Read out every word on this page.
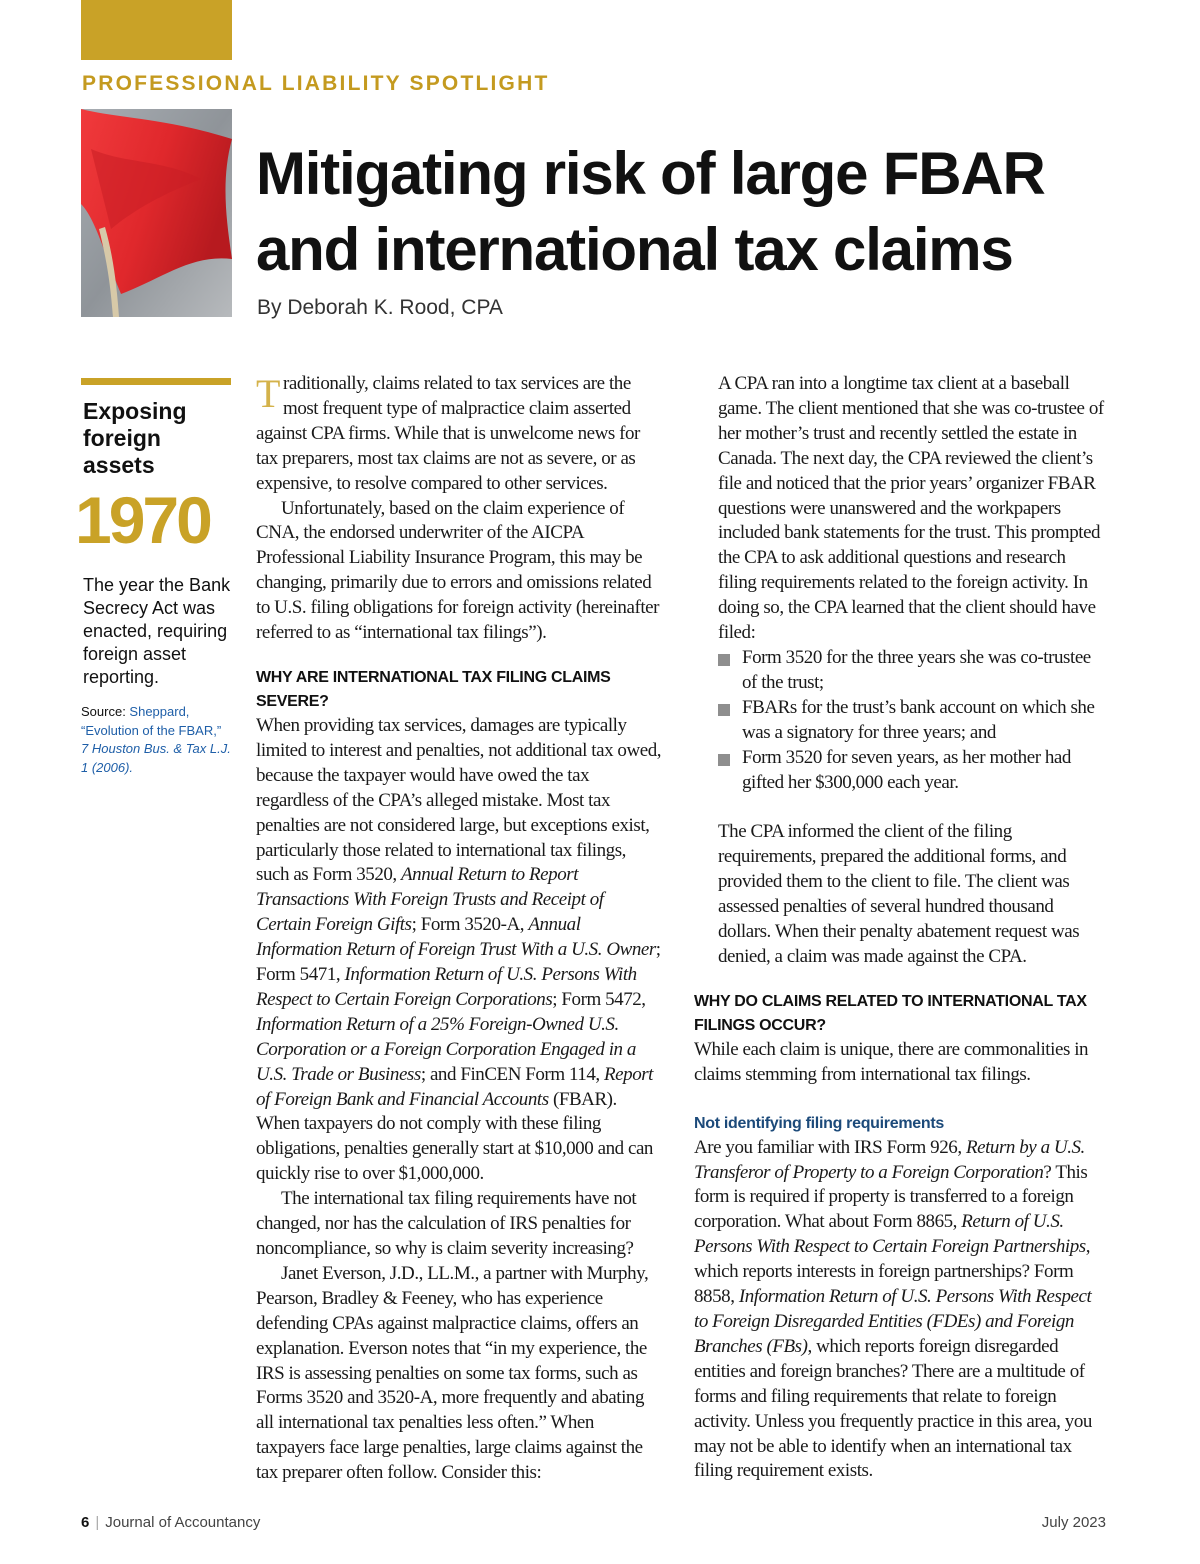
PROFESSIONAL LIABILITY SPOTLIGHT
Mitigating risk of large FBAR and international tax claims
By Deborah K. Rood, CPA
Exposing foreign assets
1970
The year the Bank Secrecy Act was enacted, requiring foreign asset reporting.
Source: Sheppard, “Evolution of the FBAR,” 7 Houston Bus. & Tax L.J. 1 (2006).

Traditionally, claims related to tax services are the most frequent type of malpractice claim asserted against CPA firms. While that is unwelcome news for tax preparers, most tax claims are not as severe, or as expensive, to resolve compared to other services.

Unfortunately, based on the claim experience of CNA, the endorsed underwriter of the AICPA Professional Liability Insurance Program, this may be changing, primarily due to errors and omissions related to U.S. filing obligations for foreign activity (hereinafter referred to as “international tax filings”).

WHY ARE INTERNATIONAL TAX FILING CLAIMS SEVERE?

When providing tax services, damages are typically limited to interest and penalties, not additional tax owed, because the taxpayer would have owed the tax regardless of the CPA’s alleged mistake. Most tax penalties are not considered large, but exceptions exist, particularly those related to international tax filings, such as Form 3520, Annual Return to Report Transactions With Foreign Trusts and Receipt of Certain Foreign Gifts; Form 3520-A, Annual Information Return of Foreign Trust With a U.S. Owner; Form 5471, Information Return of U.S. Persons With Respect to Certain Foreign Corporations; Form 5472, Information Return of a 25% Foreign-Owned U.S. Corporation or a Foreign Corporation Engaged in a U.S. Trade or Business; and FinCEN Form 114, Report of Foreign Bank and Financial Accounts (FBAR). When taxpayers do not comply with these filing obligations, penalties generally start at $10,000 and can quickly rise to over $1,000,000.

The international tax filing requirements have not changed, nor has the calculation of IRS penalties for noncompliance, so why is claim severity increasing?

Janet Everson, J.D., LL.M., a partner with Murphy, Pearson, Bradley & Feeney, who has experience defending CPAs against malpractice claims, offers an explanation. Everson notes that “in my experience, the IRS is assessing penalties on some tax forms, such as Forms 3520 and 3520-A, more frequently and abating all international tax penalties less often.” When taxpayers face large penalties, large claims against the tax preparer often follow. Consider this:

A CPA ran into a longtime tax client at a baseball game. The client mentioned that she was co-trustee of her mother’s trust and recently settled the estate in Canada. The next day, the CPA reviewed the client’s file and noticed that the prior years’ organizer FBAR questions were unanswered and the workpapers included bank statements for the trust. This prompted the CPA to ask additional questions and research filing requirements related to the foreign activity. In doing so, the CPA learned that the client should have filed:

Form 3520 for the three years she was co-trustee of the trust;
FBARs for the trust’s bank account on which she was a signatory for three years; and
Form 3520 for seven years, as her mother had gifted her $300,000 each year.

The CPA informed the client of the filing requirements, prepared the additional forms, and provided them to the client to file. The client was assessed penalties of several hundred thousand dollars. When their penalty abatement request was denied, a claim was made against the CPA.

WHY DO CLAIMS RELATED TO INTERNATIONAL TAX FILINGS OCCUR?

While each claim is unique, there are commonalities in claims stemming from international tax filings.

Not identifying filing requirements

Are you familiar with IRS Form 926, Return by a U.S. Transferor of Property to a Foreign Corporation? This form is required if property is transferred to a foreign corporation. What about Form 8865, Return of U.S. Persons With Respect to Certain Foreign Partnerships, which reports interests in foreign partnerships? Form 8858, Information Return of U.S. Persons With Respect to Foreign Disregarded Entities (FDEs) and Foreign Branches (FBs), which reports foreign disregarded entities and foreign branches? There are a multitude of forms and filing requirements that relate to foreign activity. Unless you frequently practice in this area, you may not be able to identify when an international tax filing requirement exists.

6 | Journal of Accountancy	July 2023
